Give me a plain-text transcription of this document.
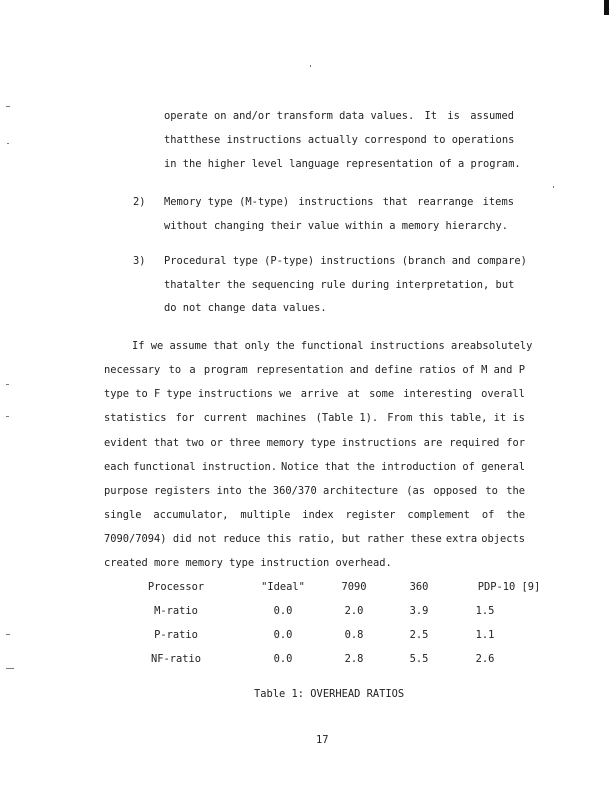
operate on and/or transform data values. It is assumed
that these instructions actually correspond to operations
in the higher level language representation of a program.
2) Memory type (M-type) instructions that rearrange items
without changing their value within a memory hierarchy.
3) Procedural type (P-type) instructions (branch and compare)
that alter the sequencing rule during interpretation, but
do not change data values.
If we assume that only the functional instructions are absolutely
necessary to a program representation and define ratios of M and P
type to F type instructions we arrive at some interesting overall
statistics for current machines (Table 1). From this table, it is
evident that two or three memory type instructions are required for
each functional instruction. Notice that the introduction of general
purpose registers into the 360/370 architecture (as opposed to the
single accumulator, multiple index register complement of the
7090/7094) did not reduce this ratio, but rather these extra objects
created more memory type instruction overhead.
Processor	"Ideal"	7090	360	PDP-10 [9]
M-ratio	0.0	2.0	3.9	1.5
P-ratio	0.0	0.8	2.5	1.1
NF-ratio	0.0	2.8	5.5	2.6
Table 1: OVERHEAD RATIOS
17
